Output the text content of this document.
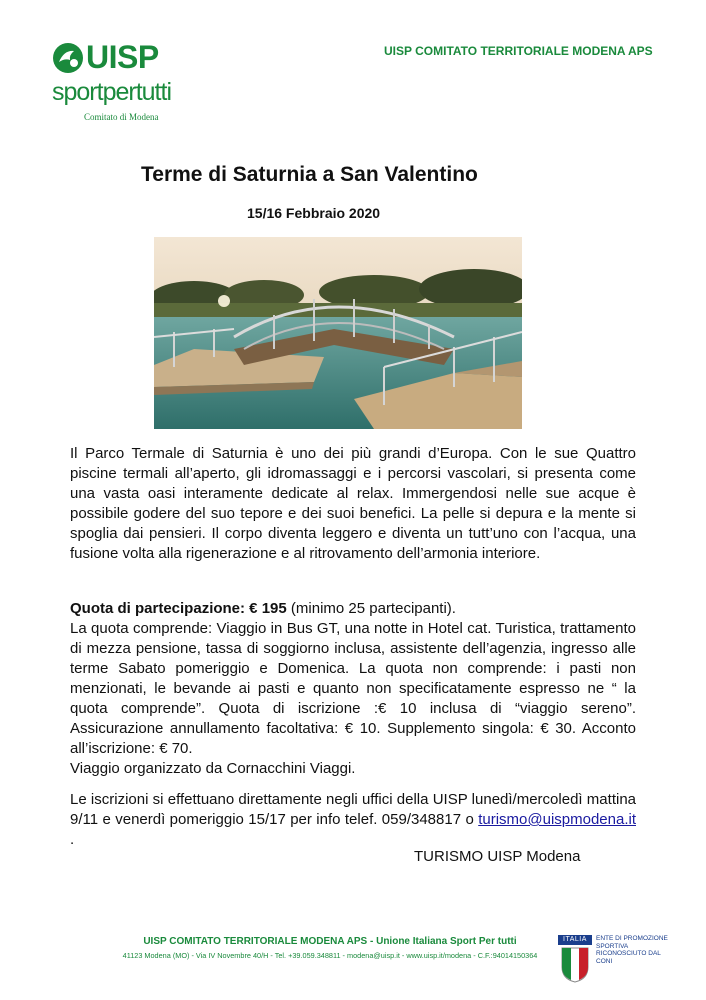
UISP
sportpertutti
Comitato di Modena
UISP COMITATO TERRITORIALE MODENA APS
Terme di Saturnia a San Valentino
15/16 Febbraio 2020
Il Parco Termale di Saturnia è uno dei più grandi d’Europa. Con le sue Quattro piscine termali all’aperto, gli idromassaggi e i percorsi vascolari, si presenta come una vasta oasi interamente dedicate al relax. Immergendosi nelle sue acque è possibile godere del suo tepore e dei suoi benefici. La pelle si depura e la mente si spoglia dai pensieri. Il corpo diventa leggero e diventa un tutt’uno con l’acqua, una fusione volta alla rigenerazione e al ritrovamento dell’armonia interiore.
Quota di partecipazione: € 195 (minimo 25 partecipanti).
La quota comprende: Viaggio in Bus GT, una notte in Hotel cat. Turistica, trattamento di mezza pensione, tassa di soggiorno inclusa, assistente dell’agenzia, ingresso alle terme Sabato pomeriggio e Domenica. La quota non comprende: i pasti non menzionati, le bevande ai pasti e quanto non specificatamente espresso ne “ la quota comprende”. Quota di iscrizione :€ 10 inclusa di “viaggio sereno”. Assicurazione annullamento facoltativa: € 10. Supplemento singola: € 30. Acconto all’iscrizione: € 70.
Viaggio organizzato da Cornacchini Viaggi.
Le iscrizioni si effettuano direttamente negli uffici della UISP lunedì/mercoledì mattina 9/11 e venerdì pomeriggio 15/17 per info telef. 059/348817 o turismo@uispmodena.it .
TURISMO UISP Modena
UISP COMITATO TERRITORIALE MODENA APS - Unione Italiana Sport Per tutti
41123 Modena (MO) - Via IV Novembre 40/H - Tel. +39.059.348811 - modena@uisp.it - www.uisp.it/modena - C.F.:94014150364
ITALIA	ENTE DI PROMOZIONE SPORTIVA RICONOSCIUTO DAL CONI
